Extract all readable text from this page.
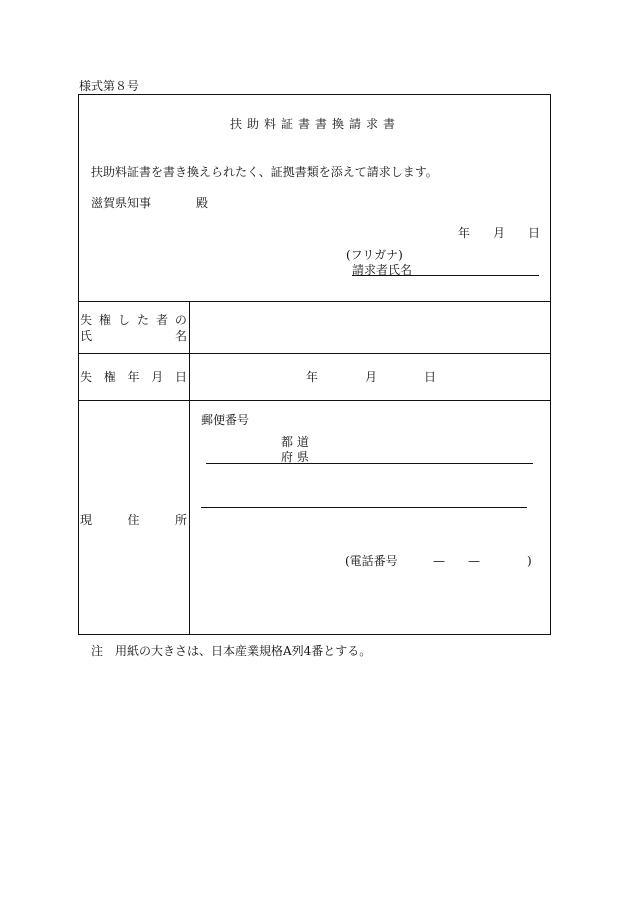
様式第８号
扶助料証書書換請求書
扶助料証書を書き換えられたく、証拠書類を添えて請求します。
滋賀県知事	殿
年 月 日
(フリガナ)
請求者氏名
失 権 し た 者 の
氏	名
失 権 年 月 日	年	月	日
現	住	所
郵便番号
都 道
府 県
(電話番号	— —	)
注　用紙の大きさは、日本産業規格A列4番とする。
